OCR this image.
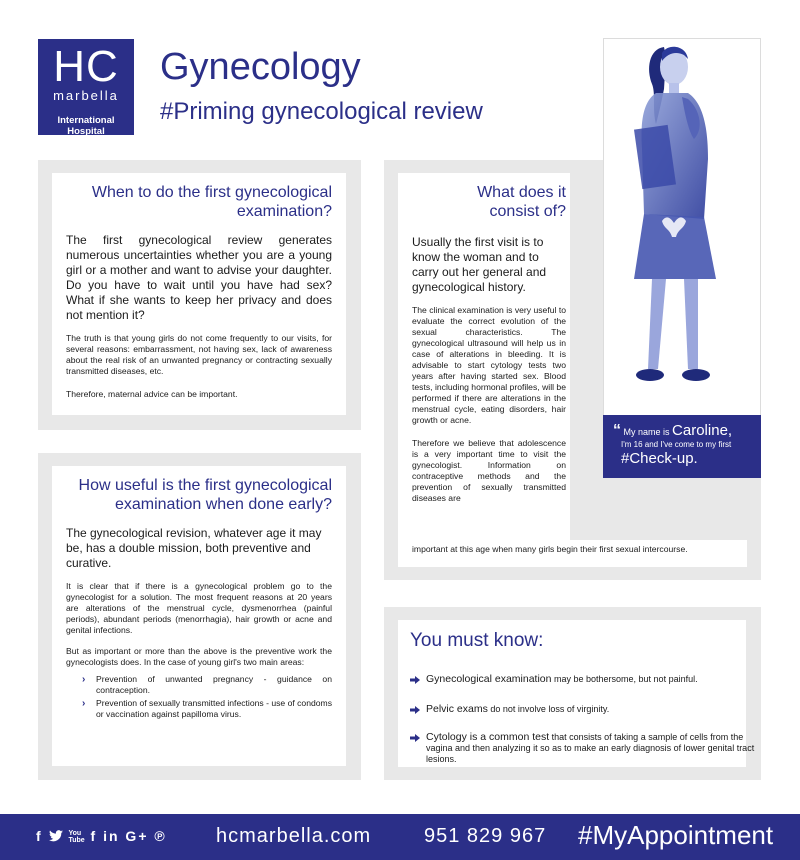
HC
marbella
International Hospital
Gynecology
#Priming gynecological review
When to do the first gynecological
examination?
The first gynecological review generates numerous uncertainties whether you are a young girl or a mother and want to advise your daughter. Do you have to wait until you have had sex? What if she wants to keep her privacy and does not mention it?
The truth is that young girls do not come frequently to our visits, for several reasons: embarrassment, not having sex, lack of awareness about the real risk of an unwanted pregnancy or contracting sexually transmitted diseases, etc.
Therefore, maternal advice can be important.
What does it
consist of?
Usually the first visit is to know the woman and to carry out her general and gynecological history.
The clinical examination is very useful to evaluate the correct evolution of the sexual characteristics. The gynecological ultrasound will help us in case of alterations in bleeding. It is advisable to start cytology tests two years after having started sex. Blood tests, including hormonal profiles, will be performed if there are alterations in the menstrual cycle, eating disorders, hair growth or acne.
Therefore we believe that adolescence is a very important time to visit the gynecologist. Information on contraceptive methods and the prevention of sexually transmitted diseases are
important at this age when many girls begin their first sexual intercourse.
“ My name is Caroline,
I'm 16 and I've come to my first
#Check-up.
How useful is the first gynecological
examination when done early?
The gynecological revision, whatever age it may be, has a double mission, both preventive and curative.
It is clear that if there is a gynecological problem go to the gynecologist for a solution. The most frequent reasons at 20 years are alterations of the menstrual cycle, dysmenorrhea (painful periods), abundant periods (menorrhagia), hair growth or acne and genital infections.
But as important or more than the above is the preventive work the gynecologists does. In the case of young girl's two main areas:
› Prevention of unwanted pregnancy - guidance on contraception.
› Prevention of sexually transmitted infections - use of condoms or vaccination against papilloma virus.
You must know:
Gynecological examination may be bothersome, but not painful.
Pelvic exams do not involve loss of virginity.
Cytology is a common test that consists of taking a sample of cells from the vagina and then analyzing it so as to make an early diagnosis of lower genital tract lesions.
f	You
Tube f in G+ ℗ hcmarbella.com	951 829 967 #MyAppointment
